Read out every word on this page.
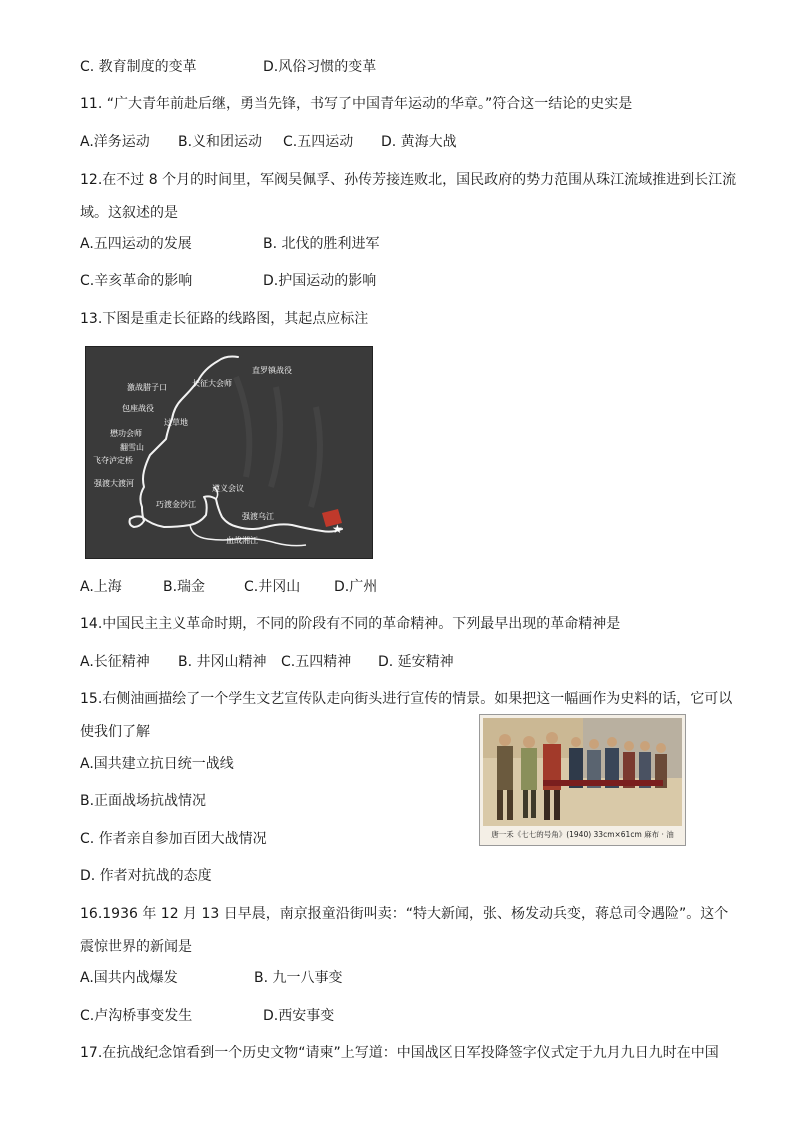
C. 教育制度的变革	D.风俗习惯的变革
11. “广大青年前赴后继，勇当先锋，书写了中国青年运动的华章。”符合这一结论的史实是
A.洋务运动 B.义和团运动 C.五四运动 D. 黄海大战
12.在不过 8 个月的时间里，军阀吴佩孚、孙传芳接连败北，国民政府的势力范围从珠江流域推进到长江流
域。这叙述的是
A.五四运动的发展	B. 北伐的胜利进军
C.辛亥革命的影响	D.护国运动的影响
13.下图是重走长征路的线路图，其起点应标注
★
直罗镇战役
长征大会师
激战腊子口
包座战役
过草地
懋功会师
翻雪山
飞夺泸定桥
强渡大渡河
巧渡金沙江
遵义会议
强渡乌江
血战湘江
A.上海	B.瑞金	C.井冈山 D.广州
14.中国民主主义革命时期，不同的阶段有不同的革命精神。下列最早出现的革命精神是
A.长征精神 B. 井冈山精神 C.五四精神 D. 延安精神
15.右侧油画描绘了一个学生文艺宣传队走向街头进行宣传的情景。如果把这一幅画作为史料的话，它可以
使我们了解
A.国共建立抗日统一战线
B.正面战场抗战情况
C. 作者亲自参加百团大战情况
D. 作者对抗战的态度
唐一禾《七七的号角》(1940) 33cm×61cm 麻布 · 油
16.1936 年 12 月 13 日早晨，南京报童沿街叫卖：“特大新闻，张、杨发动兵变，蒋总司令遇险”。这个
震惊世界的新闻是
A.国共内战爆发	B. 九一八事变
C.卢沟桥事变发生	D.西安事变
17.在抗战纪念馆看到一个历史文物“请柬”上写道：中国战区日军投降签字仪式定于九月九日九时在中国
